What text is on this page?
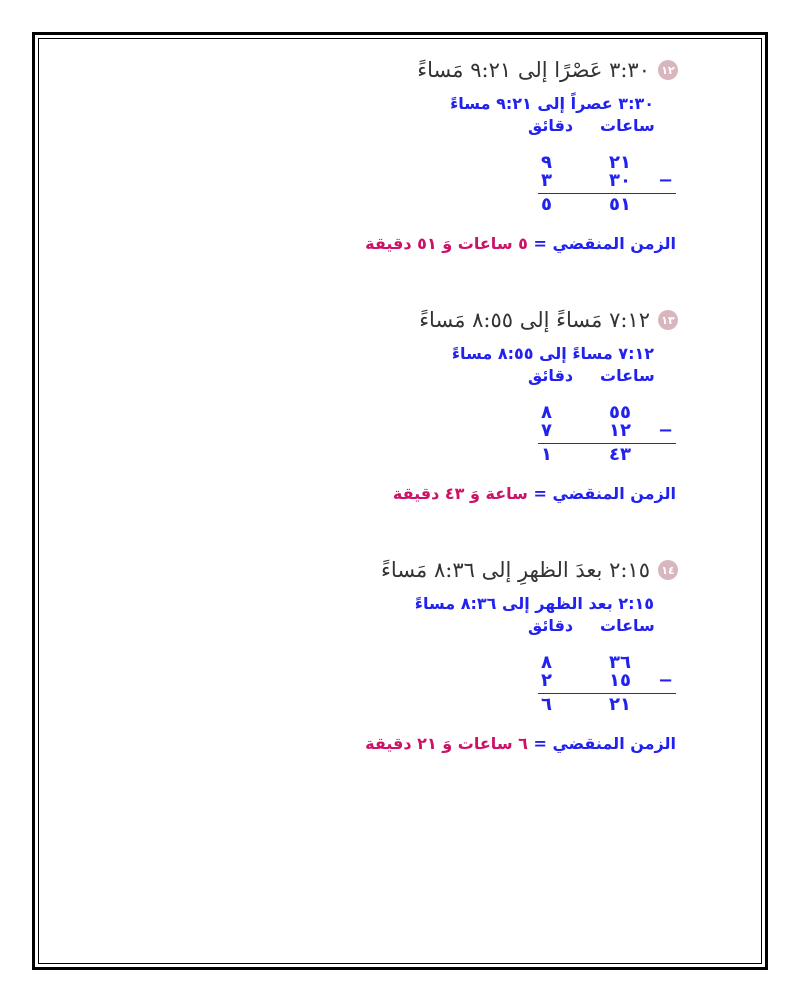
١٢
٣:٣٠ عَصْرًا إلى ٩:٢١ مَساءً
٣:٣٠ عصراً إلى ٩:٢١ مساءً
دقائق ساعات
٩	٢١
٣	٣٠ −
٥	٥١
الزمن المنقضي = ٥ ساعات وَ ٥١ دقيقة
١٣
٧:١٢ مَساءً إلى ٨:٥٥ مَساءً
٧:١٢ مساءً إلى ٨:٥٥ مساءً
دقائق ساعات
٨	٥٥
٧	١٢ −
١	٤٣
الزمن المنقضي = ساعة وَ ٤٣ دقيقة
١٤
٢:١٥ بعدَ الظهرِ إلى ٨:٣٦ مَساءً
٢:١٥ بعد الظهر إلى ٨:٣٦ مساءً
دقائق ساعات
٨	٣٦
٢	١٥ −
٦	٢١
الزمن المنقضي = ٦ ساعات وَ ٢١ دقيقة
